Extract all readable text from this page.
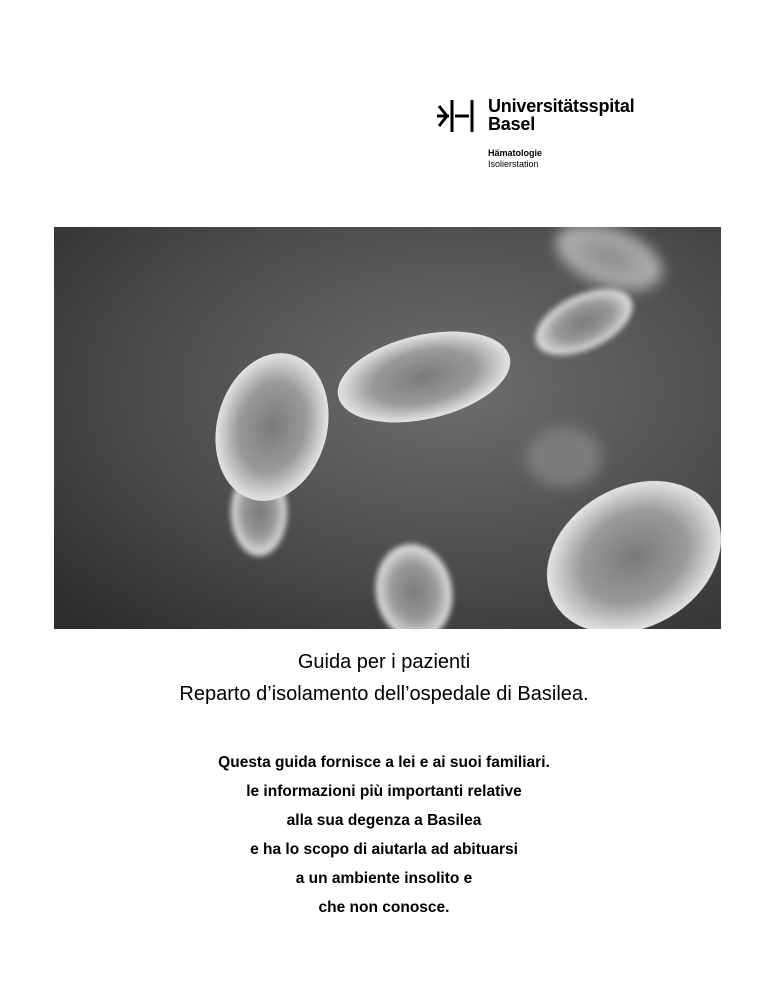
Universitätsspital
Basel
Hämatologie
Isolierstation
Guida per i pazienti
Reparto d’isolamento dell’ospedale di Basilea.
Questa guida fornisce a lei e ai suoi familiari.
le informazioni più importanti relative
alla sua degenza a Basilea
e ha lo scopo di aiutarla ad abituarsi
a un ambiente insolito e
che non conosce.
